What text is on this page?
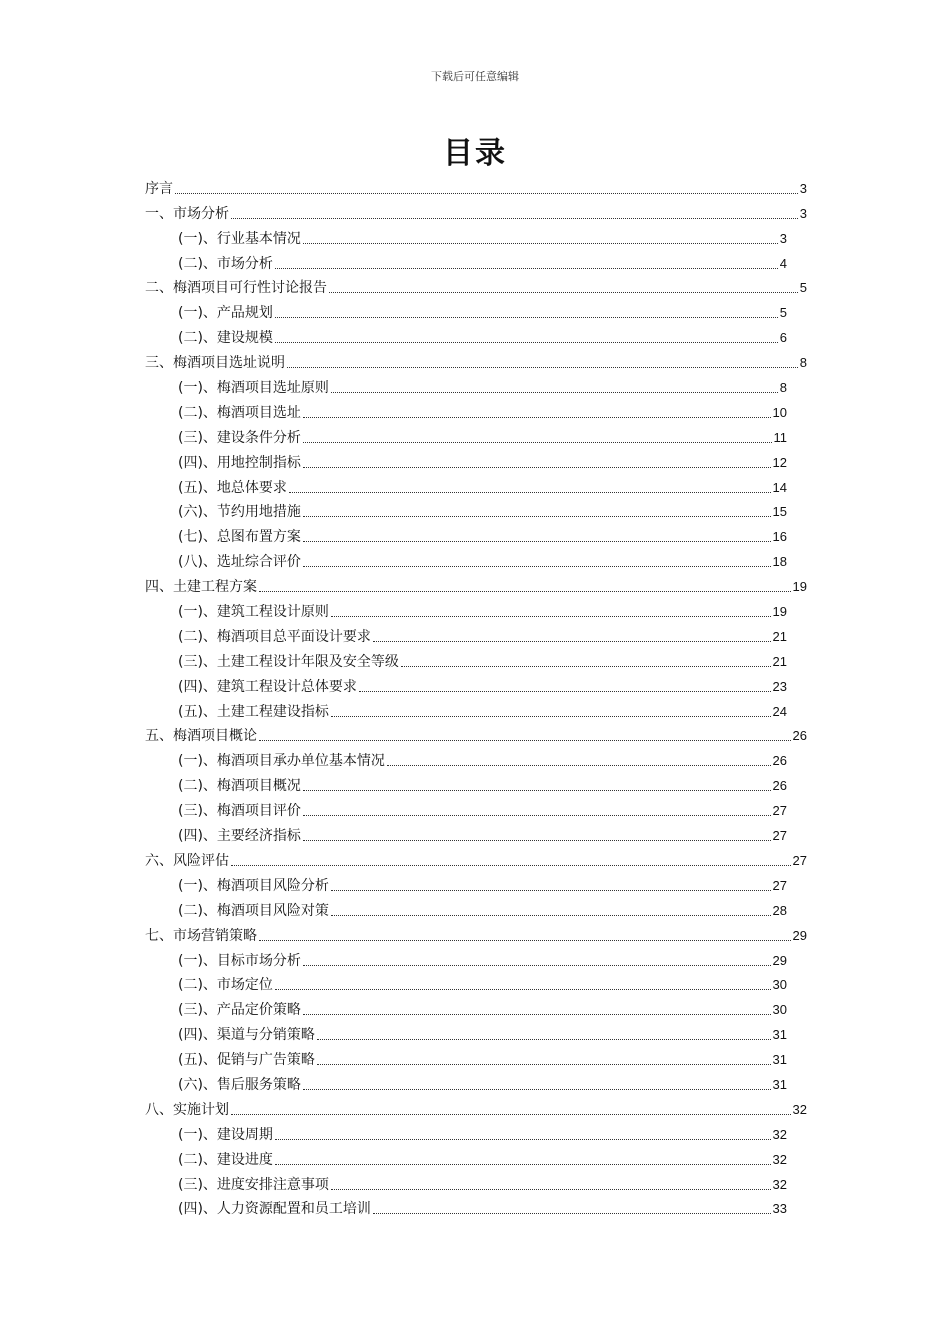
下载后可任意编辑
目录
序言	3
一、市场分析	3
(一)、行业基本情况	3
(二)、市场分析	4
二、梅酒项目可行性讨论报告	5
(一)、产品规划	5
(二)、建设规模	6
三、梅酒项目选址说明	8
(一)、梅酒项目选址原则	8
(二)、梅酒项目选址	10
(三)、建设条件分析	11
(四)、用地控制指标	12
(五)、地总体要求	14
(六)、节约用地措施	15
(七)、总图布置方案	16
(八)、选址综合评价	18
四、土建工程方案	19
(一)、建筑工程设计原则	19
(二)、梅酒项目总平面设计要求	21
(三)、土建工程设计年限及安全等级	21
(四)、建筑工程设计总体要求	23
(五)、土建工程建设指标	24
五、梅酒项目概论	26
(一)、梅酒项目承办单位基本情况	26
(二)、梅酒项目概况	26
(三)、梅酒项目评价	27
(四)、主要经济指标	27
六、风险评估	27
(一)、梅酒项目风险分析	27
(二)、梅酒项目风险对策	28
七、市场营销策略	29
(一)、目标市场分析	29
(二)、市场定位	30
(三)、产品定价策略	30
(四)、渠道与分销策略	31
(五)、促销与广告策略	31
(六)、售后服务策略	31
八、实施计划	32
(一)、建设周期	32
(二)、建设进度	32
(三)、进度安排注意事项	32
(四)、人力资源配置和员工培训	33
